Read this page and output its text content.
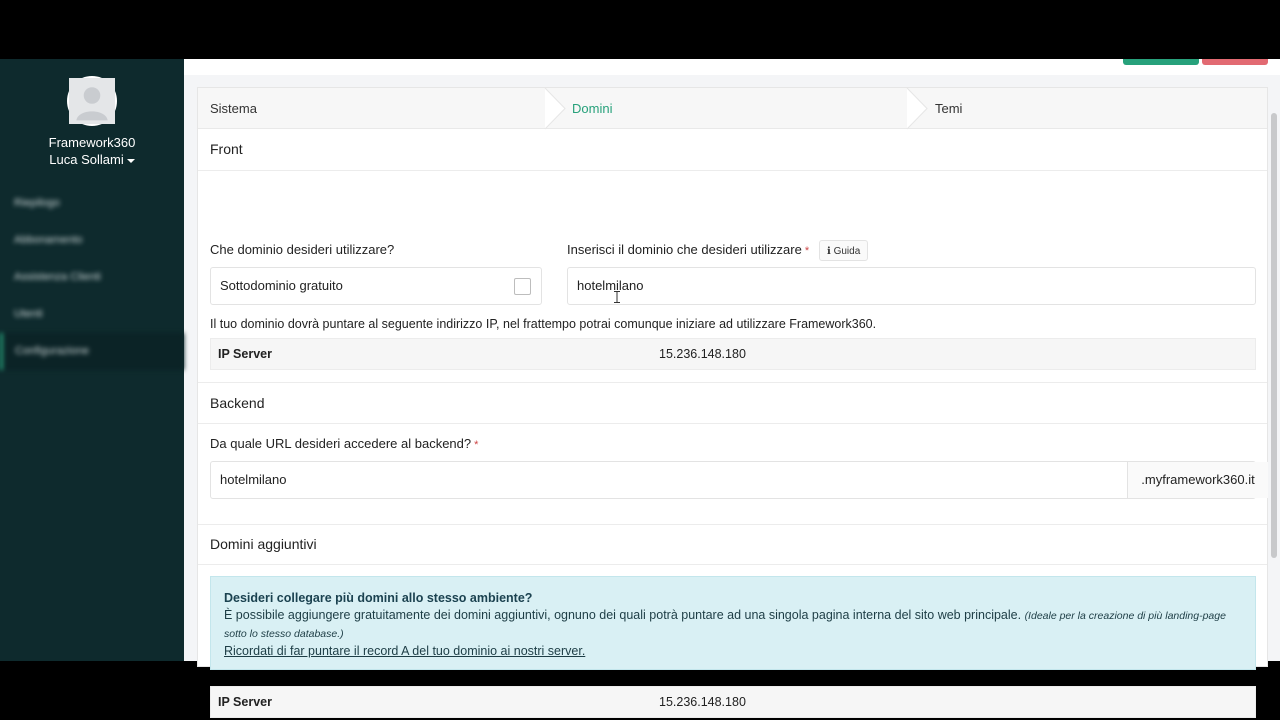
Framework360
Luca Sollami
Riepilogo
Abbonamento
Assistenza Clienti
Utenti
Configurazione
Sistema	Domini	Temi
Front
Che dominio desideri utilizzare?	Inserisci il dominio che desideri utilizzare *	ℹ Guida
Sottodominio gratuito	hotelmilano
Il tuo dominio dovrà puntare al seguente indirizzo IP, nel frattempo potrai comunque iniziare ad utilizzare Framework360.
IP Server	15.236.148.180
Backend
Da quale URL desideri accedere al backend? *
hotelmilano	.myframework360.it
Domini aggiuntivi
Desideri collegare più domini allo stesso ambiente?
È possibile aggiungere gratuitamente dei domini aggiuntivi, ognuno dei quali potrà puntare ad una singola pagina interna del sito web principale. (Ideale per la creazione di più landing-page sotto lo stesso database.)
Ricordati di far puntare il record A del tuo dominio ai nostri server.
IP Server	15.236.148.180
